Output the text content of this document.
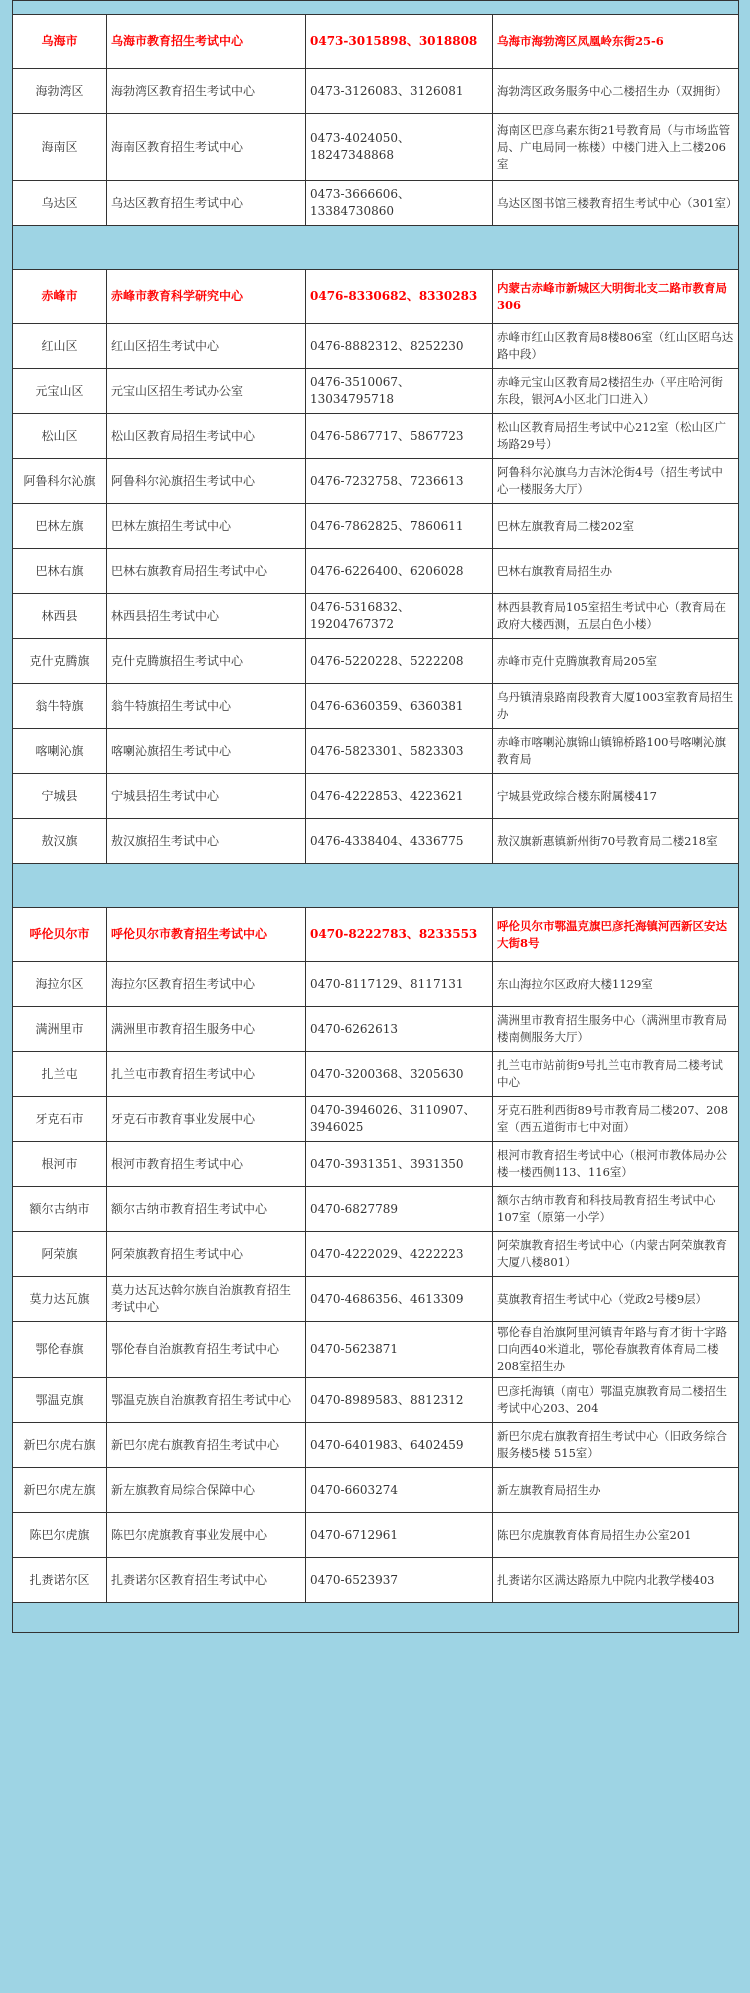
乌海市	乌海市教育招生考试中心	0473-3015898、3018808	乌海市海勃湾区凤凰岭东街25-6
海勃湾区	海勃湾区教育招生考试中心	0473-3126083、3126081	海勃湾区政务服务中心二楼招生办（双拥街）
海南区	海南区教育招生考试中心	0473-4024050、18247348868	海南区巴彦乌素东街21号教育局（与市场监管局、广电局同一栋楼）中楼门进入上二楼206室
乌达区	乌达区教育招生考试中心	0473-3666606、13384730860	乌达区图书馆三楼教育招生考试中心（301室）

赤峰市	赤峰市教育科学研究中心	0476-8330682、8330283	内蒙古赤峰市新城区大明街北支二路市教育局306
红山区	红山区招生考试中心	0476-8882312、8252230	赤峰市红山区教育局8楼806室（红山区昭乌达路中段）
元宝山区	元宝山区招生考试办公室	0476-3510067、13034795718	赤峰元宝山区教育局2楼招生办（平庄哈河街东段，银河A小区北门口进入）
松山区	松山区教育局招生考试中心	0476-5867717、5867723	松山区教育局招生考试中心212室（松山区广场路29号）
阿鲁科尔沁旗	阿鲁科尔沁旗招生考试中心	0476-7232758、7236613	阿鲁科尔沁旗乌力吉沐沦街4号（招生考试中心一楼服务大厅）
巴林左旗	巴林左旗招生考试中心	0476-7862825、7860611	巴林左旗教育局二楼202室
巴林右旗	巴林右旗教育局招生考试中心	0476-6226400、6206028	巴林右旗教育局招生办
林西县	林西县招生考试中心	0476-5316832、19204767372	林西县教育局105室招生考试中心（教育局在政府大楼西测，五层白色小楼）
克什克腾旗	克什克腾旗招生考试中心	0476-5220228、5222208	赤峰市克什克腾旗教育局205室
翁牛特旗	翁牛特旗招生考试中心	0476-6360359、6360381	乌丹镇清泉路南段教育大厦1003室教育局招生办
喀喇沁旗	喀喇沁旗招生考试中心	0476-5823301、5823303	赤峰市喀喇沁旗锦山镇锦桥路100号喀喇沁旗教育局
宁城县	宁城县招生考试中心	0476-4222853、4223621	宁城县党政综合楼东附属楼417
敖汉旗	敖汉旗招生考试中心	0476-4338404、4336775	敖汉旗新惠镇新州街70号教育局二楼218室

呼伦贝尔市	呼伦贝尔市教育招生考试中心	0470-8222783、8233553	呼伦贝尔市鄂温克旗巴彦托海镇河西新区安达大街8号
海拉尔区	海拉尔区教育招生考试中心	0470-8117129、8117131	东山海拉尔区政府大楼1129室
满洲里市	满洲里市教育招生服务中心	0470-6262613	满洲里市教育招生服务中心（满洲里市教育局楼南侧服务大厅）
扎兰屯	扎兰屯市教育招生考试中心	0470-3200368、3205630	扎兰屯市站前街9号扎兰屯市教育局二楼考试中心
牙克石市	牙克石市教育事业发展中心	0470-3946026、3110907、3946025	牙克石胜利西街89号市教育局二楼207、208室（西五道街市七中对面）
根河市	根河市教育招生考试中心	0470-3931351、3931350	根河市教育招生考试中心（根河市教体局办公楼一楼西侧113、116室）
额尔古纳市	额尔古纳市教育招生考试中心	0470-6827789	额尔古纳市教育和科技局教育招生考试中心107室（原第一小学）
阿荣旗	阿荣旗教育招生考试中心	0470-4222029、4222223	阿荣旗教育招生考试中心（内蒙古阿荣旗教育大厦八楼801）
莫力达瓦旗	莫力达瓦达斡尔族自治旗教育招生考试中心	0470-4686356、4613309	莫旗教育招生考试中心（党政2号楼9层）
鄂伦春旗	鄂伦春自治旗教育招生考试中心	0470-5623871	鄂伦春自治旗阿里河镇青年路与育才街十字路口向西40米道北，鄂伦春旗教育体育局二楼208室招生办
鄂温克旗	鄂温克族自治旗教育招生考试中心	0470-8989583、8812312	巴彦托海镇（南屯）鄂温克旗教育局二楼招生考试中心203、204
新巴尔虎右旗	新巴尔虎右旗教育招生考试中心	0470-6401983、6402459	新巴尔虎右旗教育招生考试中心（旧政务综合服务楼5楼 515室）
新巴尔虎左旗	新左旗教育局综合保障中心	0470-6603274	新左旗教育局招生办
陈巴尔虎旗	陈巴尔虎旗教育事业发展中心	0470-6712961	陈巴尔虎旗教育体育局招生办公室201
扎赉诺尔区	扎赉诺尔区教育招生考试中心	0470-6523937	扎赉诺尔区满达路原九中院内北教学楼403
